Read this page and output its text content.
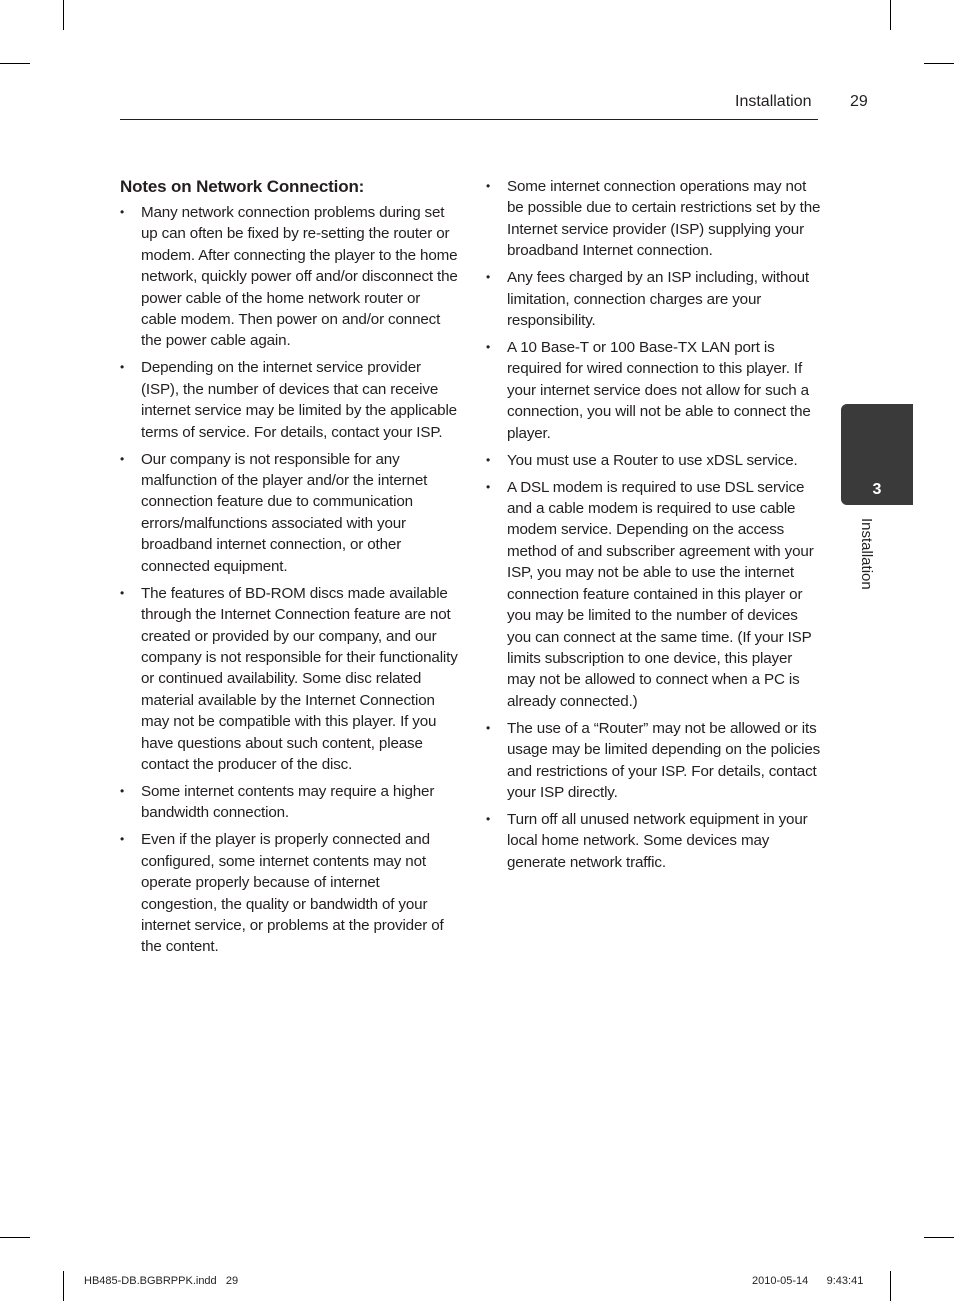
Installation 29
Notes on Network Connection:
• Many network connection problems during set up can often be fixed by re-setting the router or modem. After connecting the player to the home network, quickly power off and/or disconnect the power cable of the home network router or cable modem. Then power on and/or connect the power cable again.
• Depending on the internet service provider (ISP), the number of devices that can receive internet service may be limited by the applicable terms of service. For details, contact your ISP.
• Our company is not responsible for any malfunction of the player and/or the internet connection feature due to communication errors/malfunctions associated with your broadband internet connection, or other connected equipment.
• The features of BD-ROM discs made available through the Internet Connection feature are not created or provided by our company, and our company is not responsible for their functionality or continued availability. Some disc related material available by the Internet Connection may not be compatible with this player. If you have questions about such content, please contact the producer of the disc.
• Some internet contents may require a higher bandwidth connection.
• Even if the player is properly connected and configured, some internet contents may not operate properly because of internet congestion, the quality or bandwidth of your internet service, or problems at the provider of the content.
• Some internet connection operations may not be possible due to certain restrictions set by the Internet service provider (ISP) supplying your broadband Internet connection.
• Any fees charged by an ISP including, without limitation, connection charges are your responsibility.
• A 10 Base-T or 100 Base-TX LAN port is required for wired connection to this player. If your internet service does not allow for such a connection, you will not be able to connect the player.
• You must use a Router to use xDSL service.
• A DSL modem is required to use DSL service and a cable modem is required to use cable modem service. Depending on the access method of and subscriber agreement with your ISP, you may not be able to use the internet connection feature contained in this player or you may be limited to the number of devices you can connect at the same time. (If your ISP limits subscription to one device, this player may not be allowed to connect when a PC is already connected.)
• The use of a “Router” may not be allowed or its usage may be limited depending on the policies and restrictions of your ISP. For details, contact your ISP directly.
• Turn off all unused network equipment in your local home network. Some devices may generate network traffic.
3
Installation
HB485-DB.BGBRPPK.indd   29	2010-05-14      9:43:41
